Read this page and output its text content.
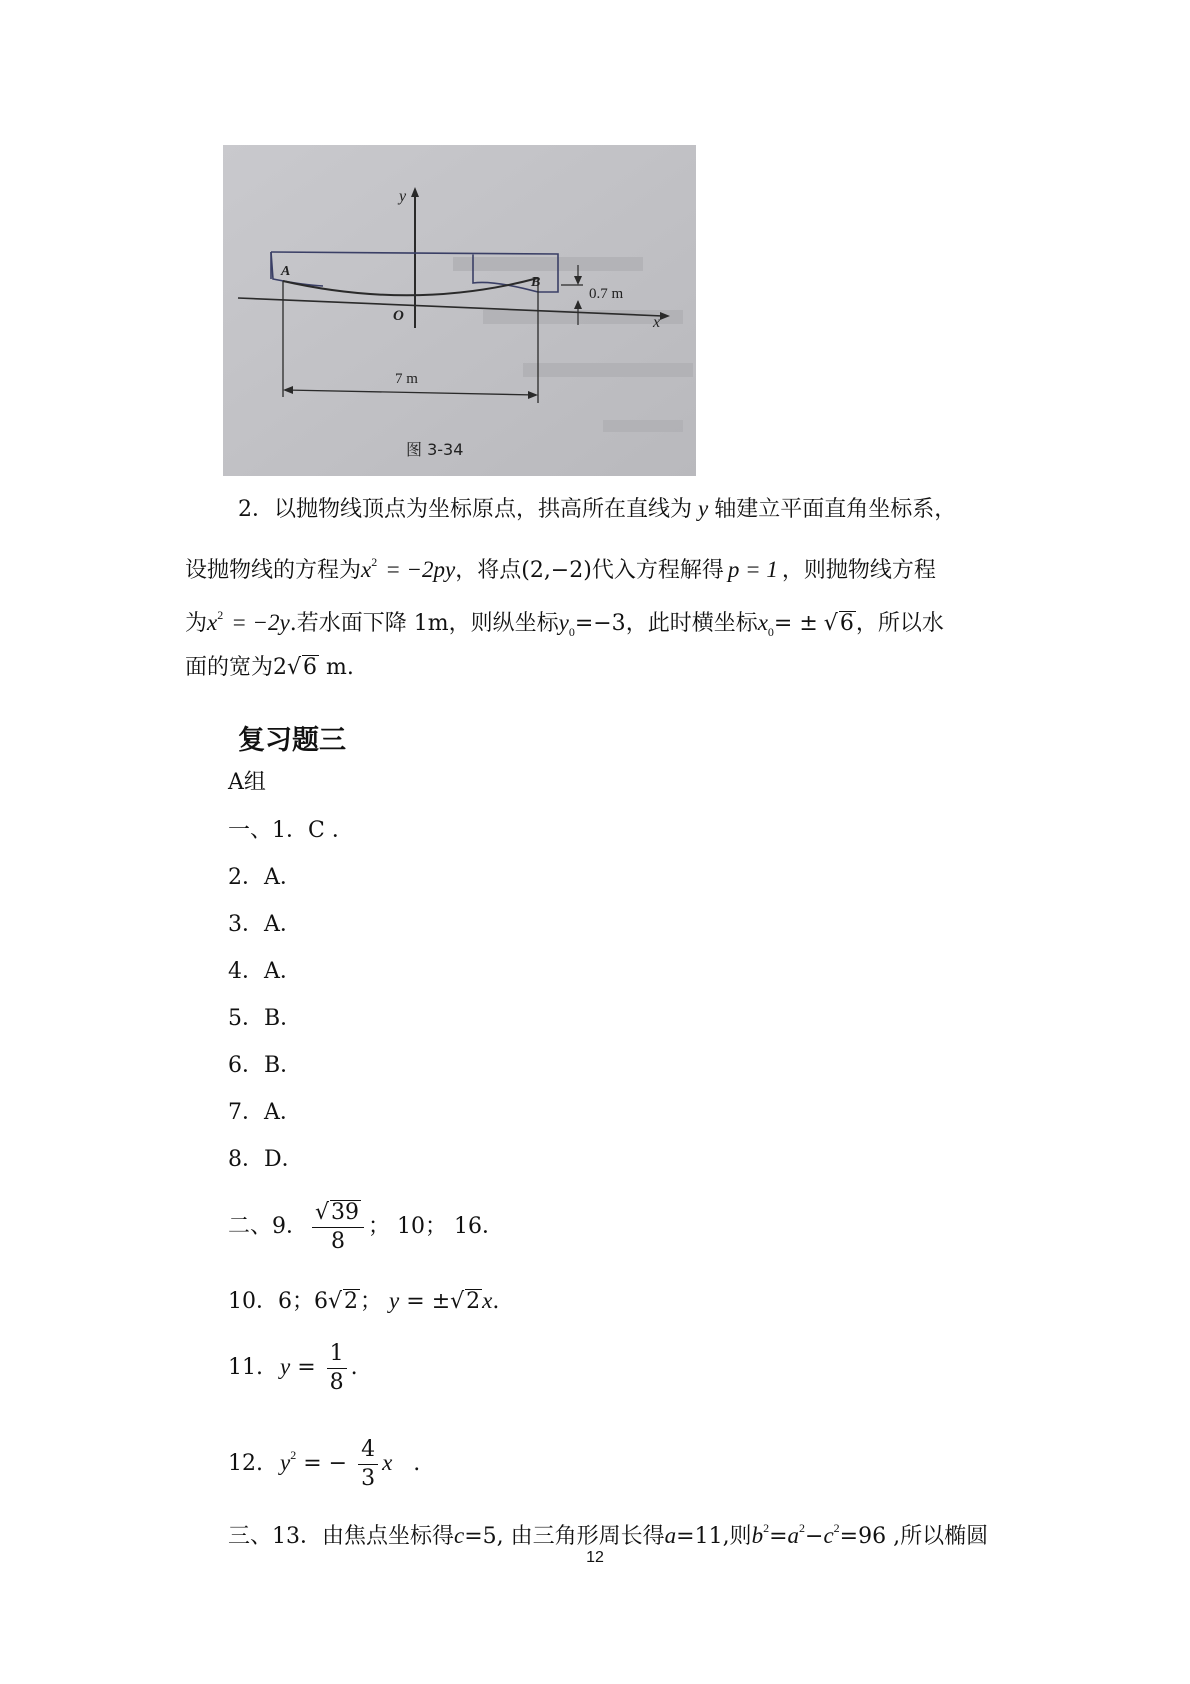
y
x
O
A
B
0.7 m
7 m
图 3-34
2．以抛物线顶点为坐标原点，拱高所在直线为 y 轴建立平面直角坐标系，
设抛物线的方程为$x^2 = -2py$，将点(2,−2)代入方程解得 p = 1 ，则抛物线方程
为$x^2 = -2y$.若水面下降 1m，则纵坐标$y_0=-3$，此时横坐标$x_0= \pm √6$，所以水
面的宽为2√6 m.
复习题三
A组
一、1．C ．
2．A．
3．A．
4．A．
5．B．
6．B．
7．A．
8．D．
二、9． $\frac{√39}{8}$ ； 10； 16．
10．6；6√2； y = ±√2x.
11. $y = \frac{1}{8}$ .
12. $y^2$ = − $\frac{4}{3}$ x .
三、13．由焦点坐标得c=5, 由三角形周长得a=11,则$b^2=a^2-c^2=96$ ,所以椭圆
12
